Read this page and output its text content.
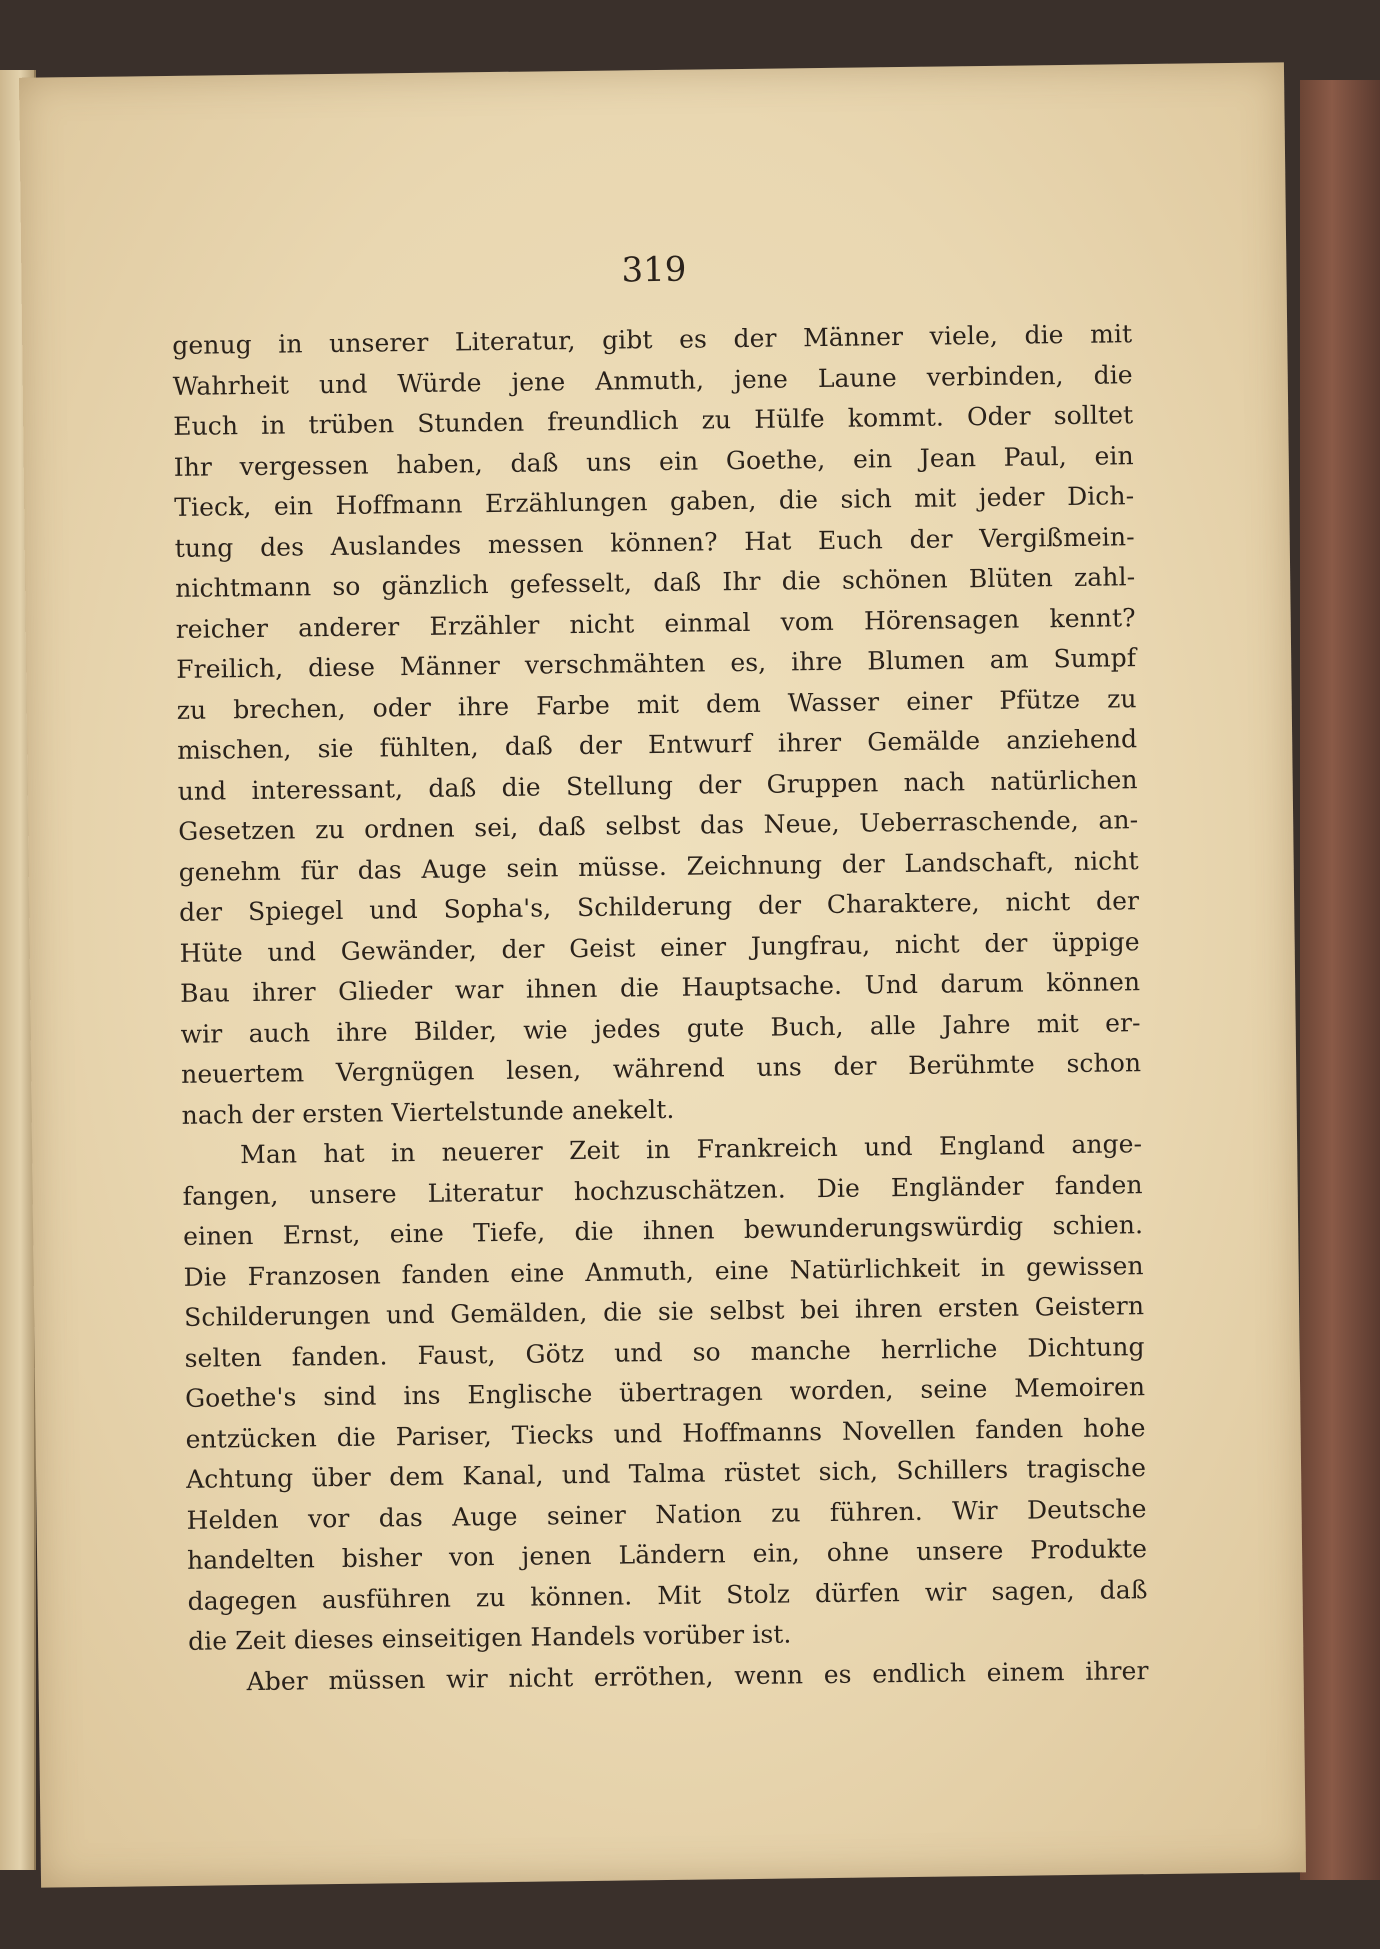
319
genug in unserer Literatur, gibt es der Männer viele, die mit
Wahrheit und Würde jene Anmuth, jene Laune verbinden, die
Euch in trüben Stunden freundlich zu Hülfe kommt. Oder solltet
Ihr vergessen haben, daß uns ein Goethe, ein Jean Paul, ein
Tieck, ein Hoffmann Erzählungen gaben, die sich mit jeder Dich-
tung des Auslandes messen können? Hat Euch der Vergißmein-
nichtmann so gänzlich gefesselt, daß Ihr die schönen Blüten zahl-
reicher anderer Erzähler nicht einmal vom Hörensagen kennt?
Freilich, diese Männer verschmähten es, ihre Blumen am Sumpf
zu brechen, oder ihre Farbe mit dem Wasser einer Pfütze zu
mischen, sie fühlten, daß der Entwurf ihrer Gemälde anziehend
und interessant, daß die Stellung der Gruppen nach natürlichen
Gesetzen zu ordnen sei, daß selbst das Neue, Ueberraschende, an-
genehm für das Auge sein müsse. Zeichnung der Landschaft, nicht
der Spiegel und Sopha's, Schilderung der Charaktere, nicht der
Hüte und Gewänder, der Geist einer Jungfrau, nicht der üppige
Bau ihrer Glieder war ihnen die Hauptsache. Und darum können
wir auch ihre Bilder, wie jedes gute Buch, alle Jahre mit er-
neuertem Vergnügen lesen, während uns der Berühmte schon
nach der ersten Viertelstunde anekelt.
Man hat in neuerer Zeit in Frankreich und England ange-
fangen, unsere Literatur hochzuschätzen. Die Engländer fanden
einen Ernst, eine Tiefe, die ihnen bewunderungswürdig schien.
Die Franzosen fanden eine Anmuth, eine Natürlichkeit in gewissen
Schilderungen und Gemälden, die sie selbst bei ihren ersten Geistern
selten fanden. Faust, Götz und so manche herrliche Dichtung
Goethe's sind ins Englische übertragen worden, seine Memoiren
entzücken die Pariser, Tiecks und Hoffmanns Novellen fanden hohe
Achtung über dem Kanal, und Talma rüstet sich, Schillers tragische
Helden vor das Auge seiner Nation zu führen. Wir Deutsche
handelten bisher von jenen Ländern ein, ohne unsere Produkte
dagegen ausführen zu können. Mit Stolz dürfen wir sagen, daß
die Zeit dieses einseitigen Handels vorüber ist.
Aber müssen wir nicht erröthen, wenn es endlich einem ihrer
